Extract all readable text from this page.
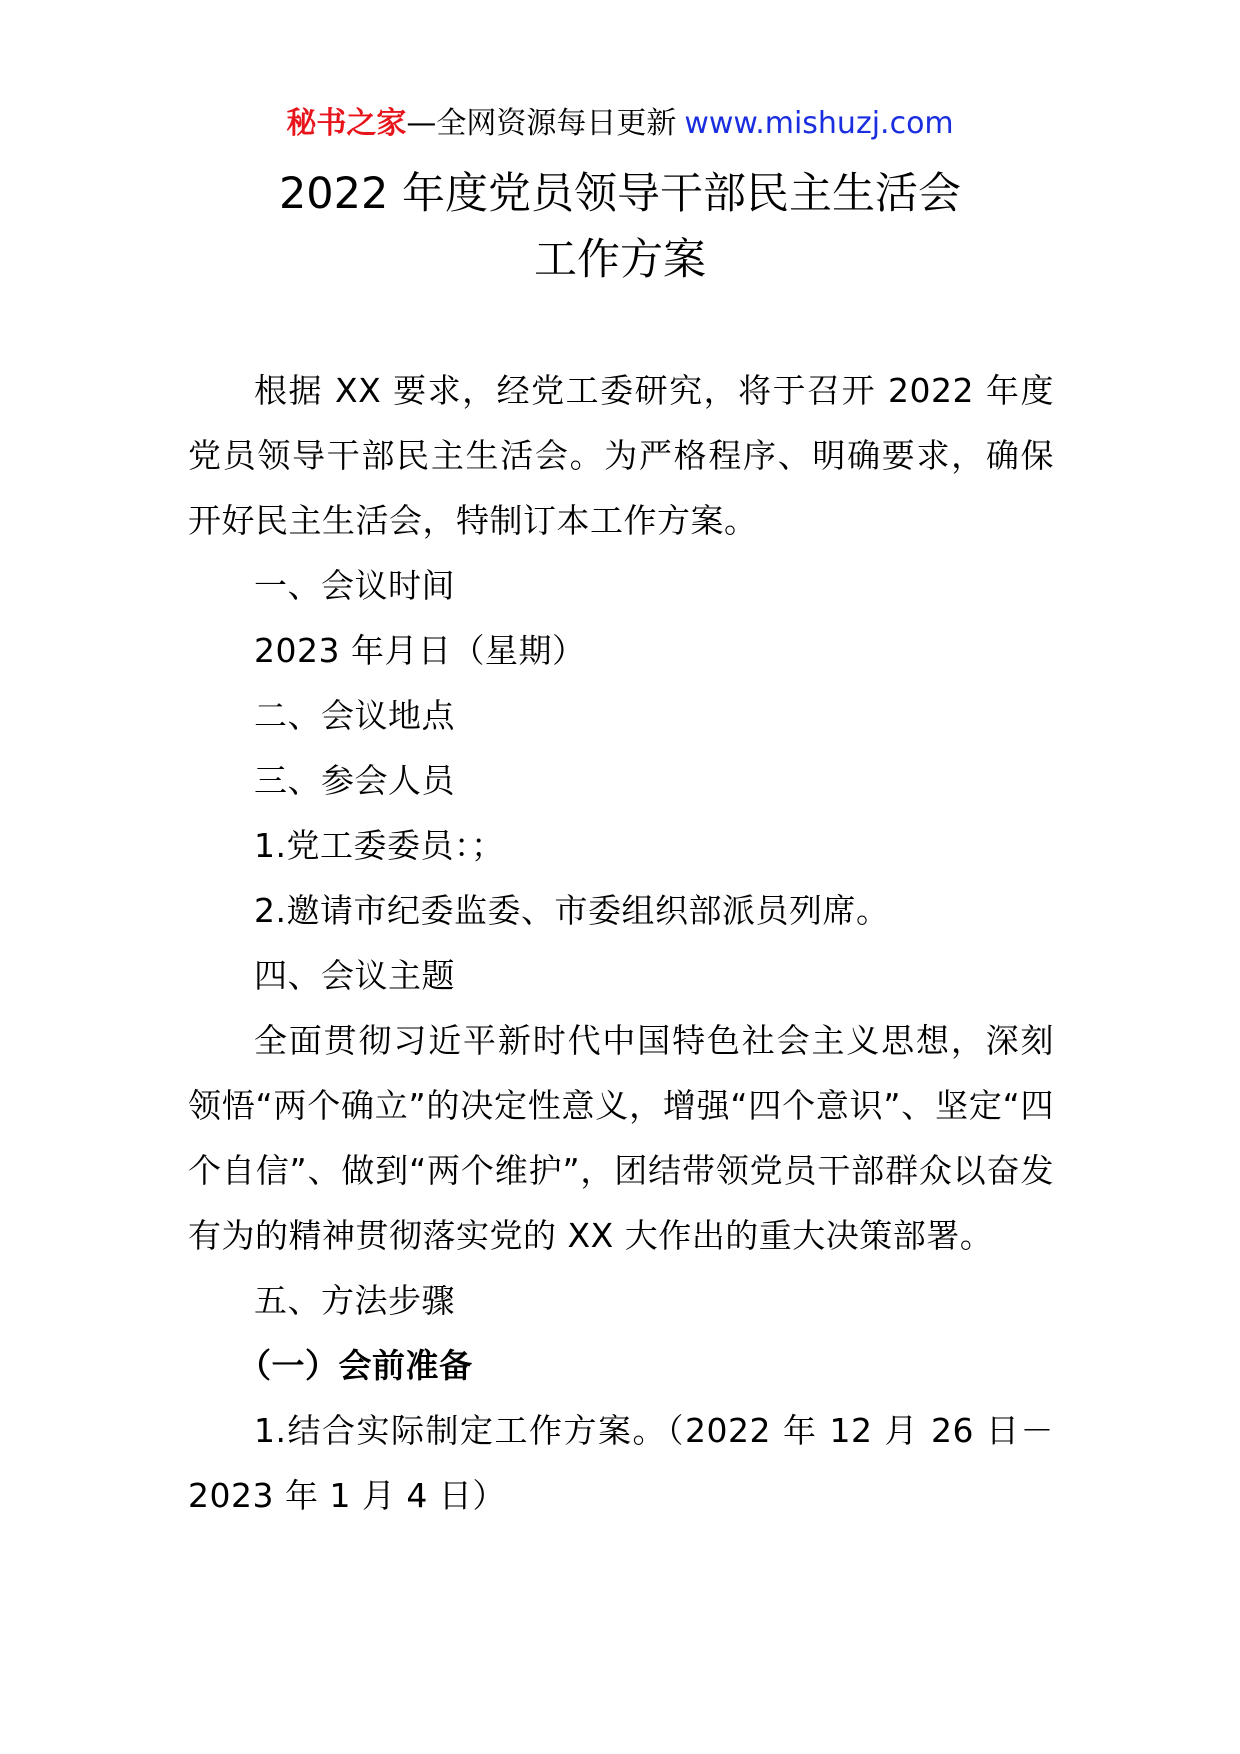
秘书之家—全网资源每日更新 www.mishuzj.com
2022 年度党员领导干部民主生活会
工作方案

根据 XX 要求，经党工委研究，将于召开 2022 年度党员领导干部民主生活会。为严格程序、明确要求，确保开好民主生活会，特制订本工作方案。

一、会议时间

2023 年月日（星期）

二、会议地点

三、参会人员

1.党工委委员：；

2.邀请市纪委监委、市委组织部派员列席。

四、会议主题

全面贯彻习近平新时代中国特色社会主义思想，深刻领悟“两个确立”的决定性意义，增强“四个意识”、坚定“四个自信”、做到“两个维护”，团结带领党员干部群众以奋发有为的精神贯彻落实党的 XX 大作出的重大决策部署。

五、方法步骤

（一）会前准备

1.结合实际制定工作方案。（2022 年 12 月 26 日－2023 年 1 月 4 日）
